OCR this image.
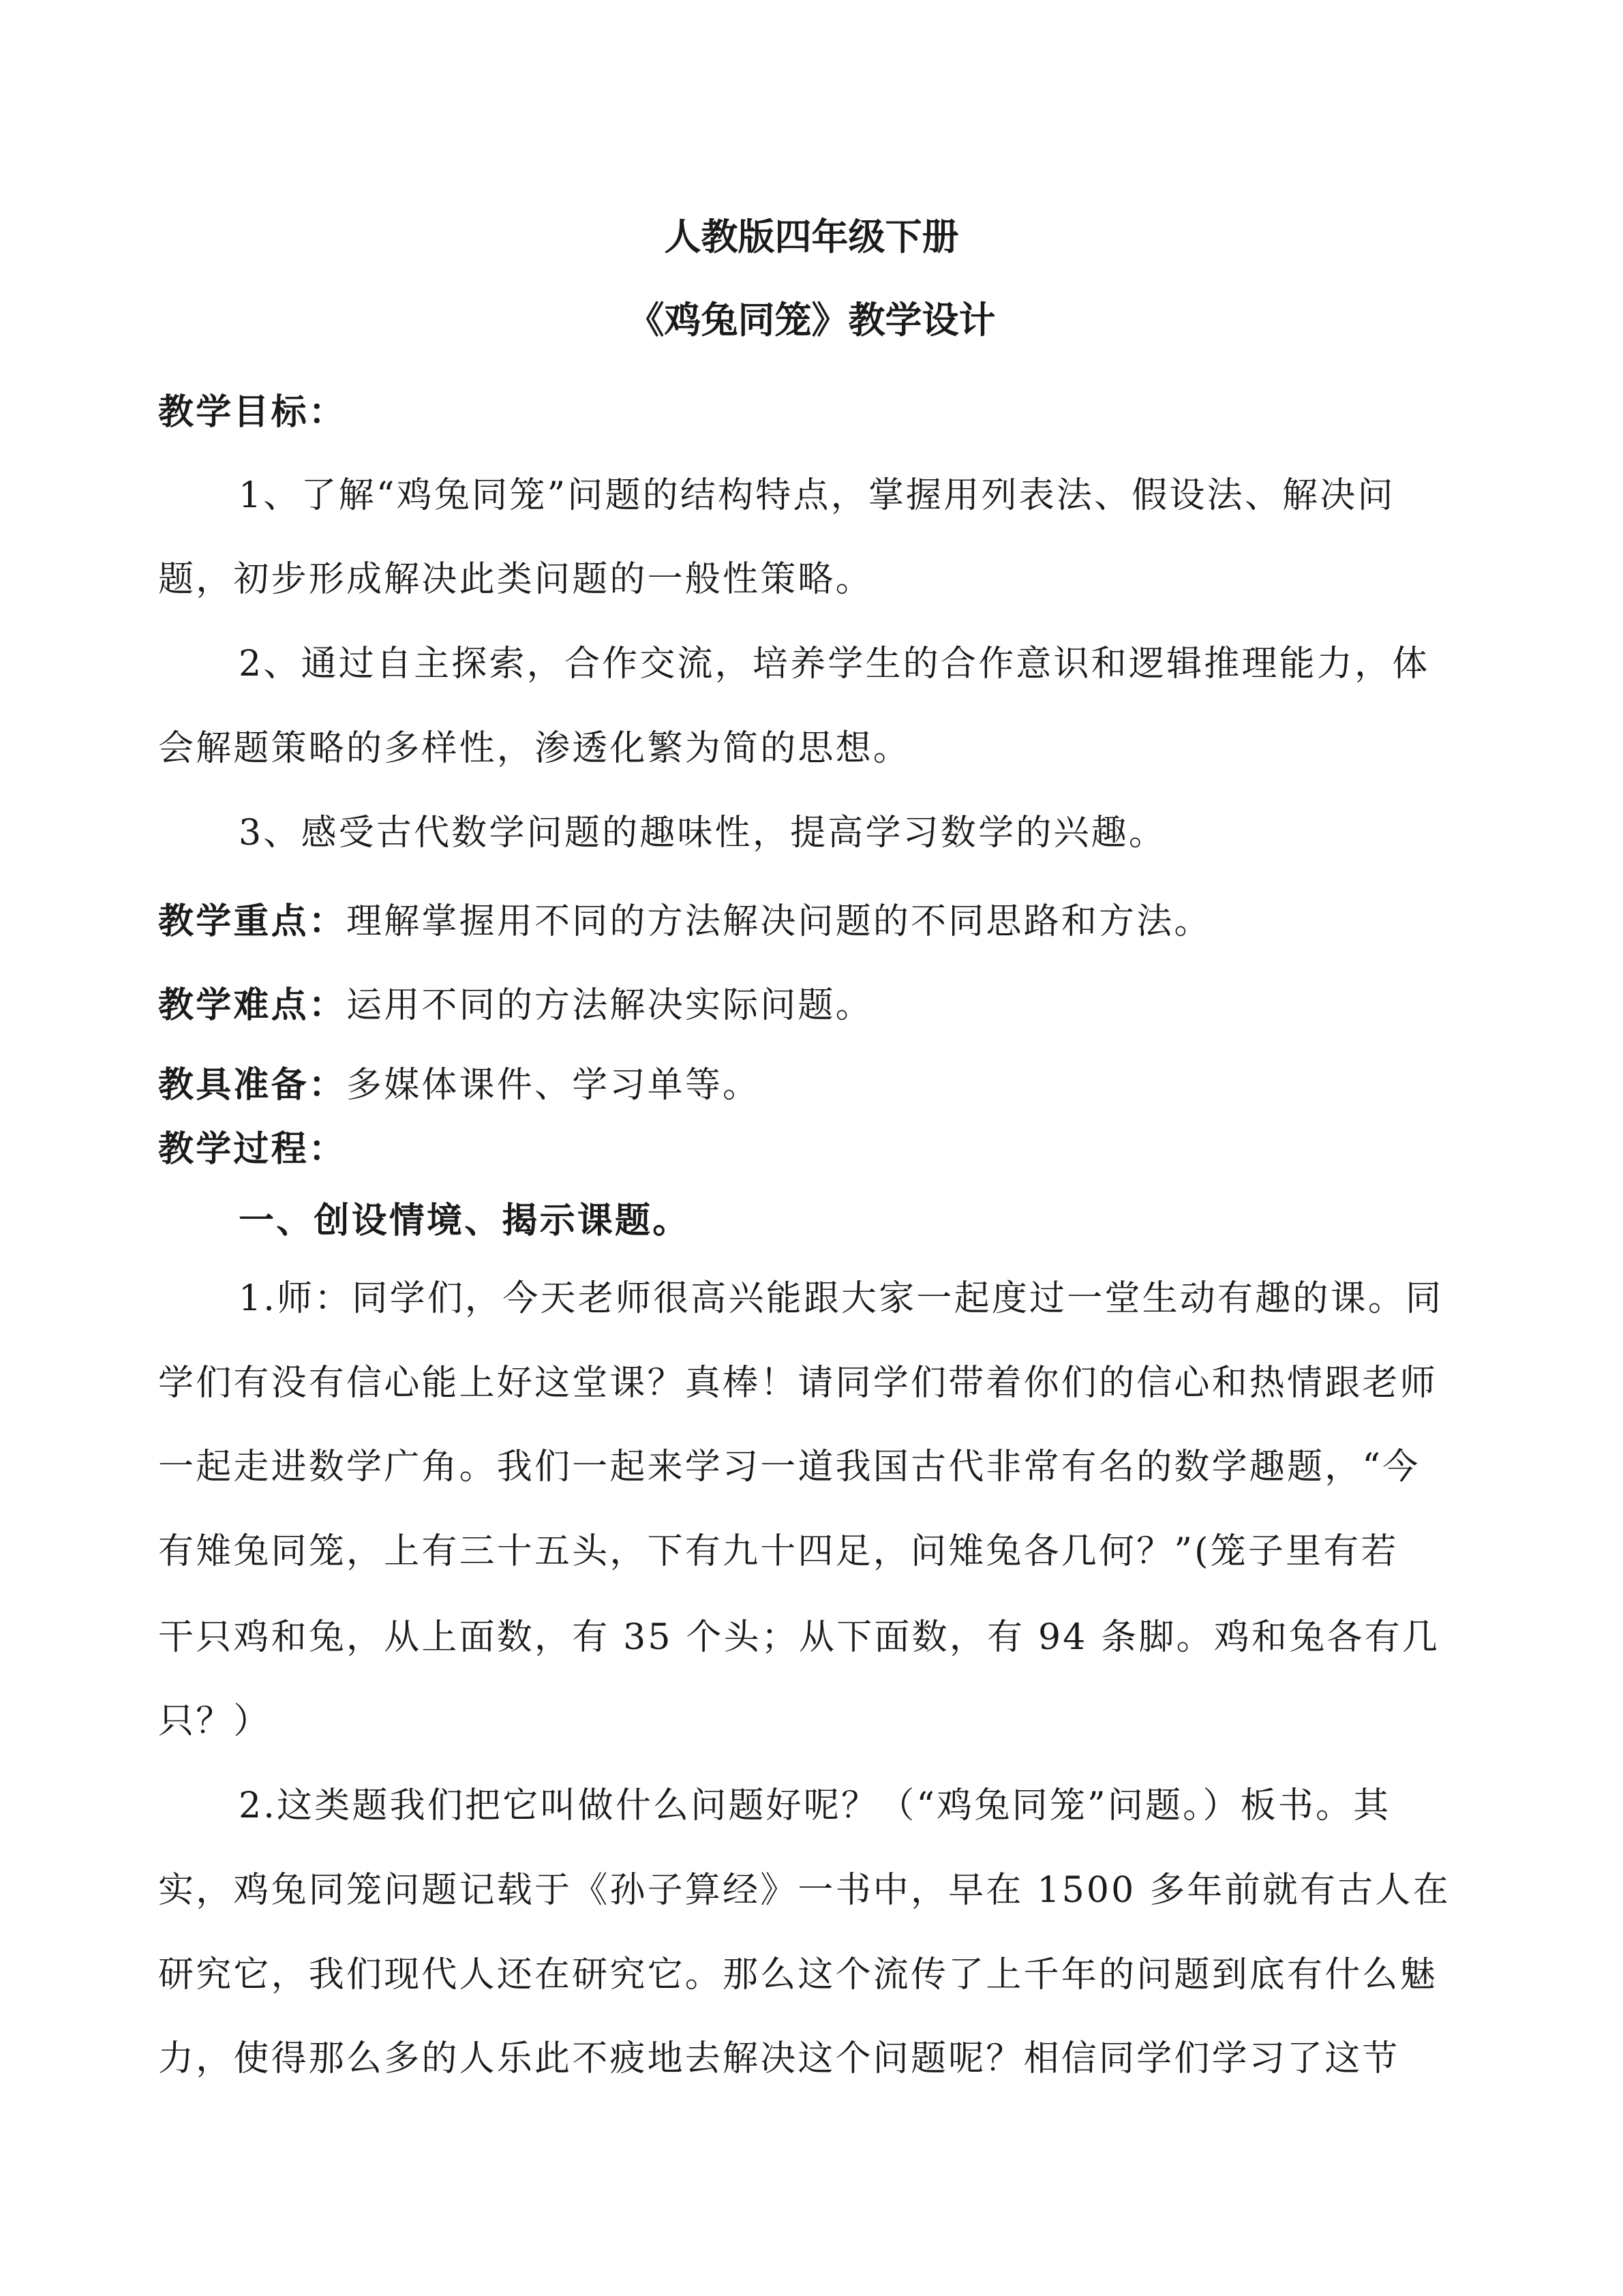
人教版四年级下册
《鸡兔同笼》教学设计
教学目标：
1、了解“鸡兔同笼”问题的结构特点，掌握用列表法、假设法、解决问
题，初步形成解决此类问题的一般性策略。
2、通过自主探索，合作交流，培养学生的合作意识和逻辑推理能力，体
会解题策略的多样性，渗透化繁为简的思想。
3、感受古代数学问题的趣味性，提高学习数学的兴趣。
教学重点：理解掌握用不同的方法解决问题的不同思路和方法。
教学难点：运用不同的方法解决实际问题。
教具准备：多媒体课件、学习单等。
教学过程：
一、创设情境、揭示课题。
1.师：同学们，今天老师很高兴能跟大家一起度过一堂生动有趣的课。同
学们有没有信心能上好这堂课？真棒！请同学们带着你们的信心和热情跟老师
一起走进数学广角。我们一起来学习一道我国古代非常有名的数学趣题，“今
有雉兔同笼，上有三十五头，下有九十四足，问雉兔各几何？”(笼子里有若
干只鸡和兔，从上面数，有 35 个头；从下面数，有 94 条脚。鸡和兔各有几
只？）
2.这类题我们把它叫做什么问题好呢？（“鸡兔同笼”问题。）板书。其
实，鸡兔同笼问题记载于《孙子算经》一书中，早在 1500 多年前就有古人在
研究它，我们现代人还在研究它。那么这个流传了上千年的问题到底有什么魅
力，使得那么多的人乐此不疲地去解决这个问题呢？相信同学们学习了这节
